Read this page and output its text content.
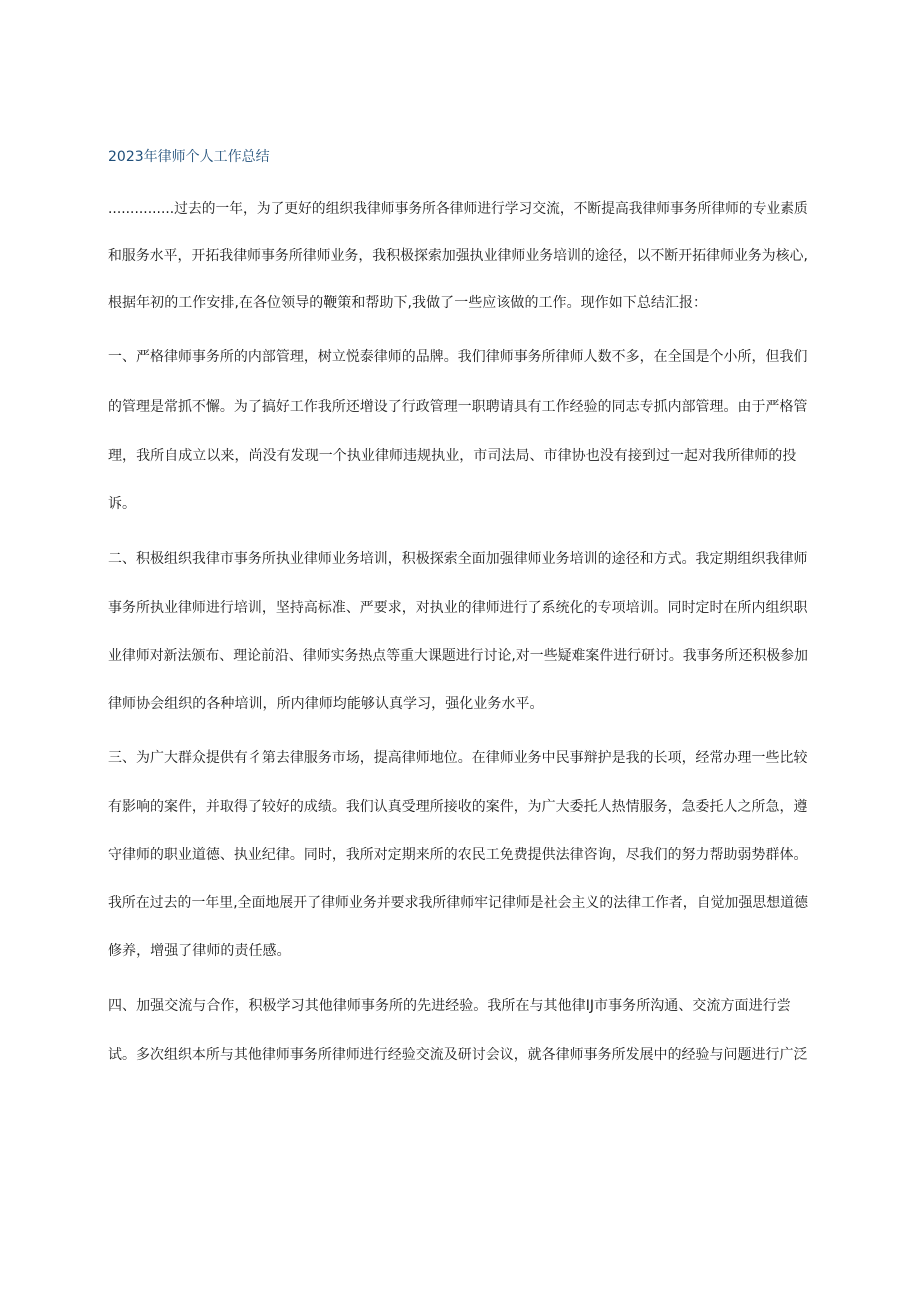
2023年律师个人工作总结
...............过去的一年，为了更好的组织我律师事务所各律师进行学习交流，不断提高我律师事务所律师的专业素质
和服务水平，开拓我律师事务所律师业务，我积极探索加强执业律师业务培训的途径，以不断开拓律师业务为核心,
根据年初的工作安排,在各位领导的鞭策和帮助下,我做了一些应该做的工作。现作如下总结汇报：
一、严格律师事务所的内部管理，树立悦泰律师的品牌。我们律师事务所律师人数不多，在全国是个小所，但我们
的管理是常抓不懈。为了搞好工作我所还增设了行政管理一职聘请具有工作经验的同志专抓内部管理。由于严格管
理，我所自成立以来，尚没有发现一个执业律师违规执业，市司法局、市律协也没有接到过一起对我所律师的投
诉。
二、积极组织我律市事务所执业律师业务培训，积极探索全面加强律师业务培训的途径和方式。我定期组织我律师
事务所执业律师进行培训，坚持高标准、严要求，对执业的律师进行了系统化的专项培训。同时定时在所内组织职
业律师对新法颁布、理论前沿、律师实务热点等重大课题进行讨论,对一些疑难案件进行研讨。我事务所还积极参加
律师协会组织的各种培训，所内律师均能够认真学习，强化业务水平。
三、为广大群众提供有彳第去律服务市场，提高律师地位。在律师业务中民事辩护是我的长项，经常办理一些比较
有影响的案件，并取得了较好的成绩。我们认真受理所接收的案件，为广大委托人热情服务，急委托人之所急，遵
守律师的职业道德、执业纪律。同时，我所对定期来所的农民工免费提供法律咨询，尽我们的努力帮助弱势群体。
我所在过去的一年里,全面地展开了律师业务并要求我所律师牢记律师是社会主义的法律工作者，自觉加强思想道德
修养，增强了律师的责任感。
四、加强交流与合作，积极学习其他律师事务所的先进经验。我所在与其他律IJ市事务所沟通、交流方面进行尝
试。多次组织本所与其他律师事务所律师进行经验交流及研讨会议，就各律师事务所发展中的经验与问题进行广泛
